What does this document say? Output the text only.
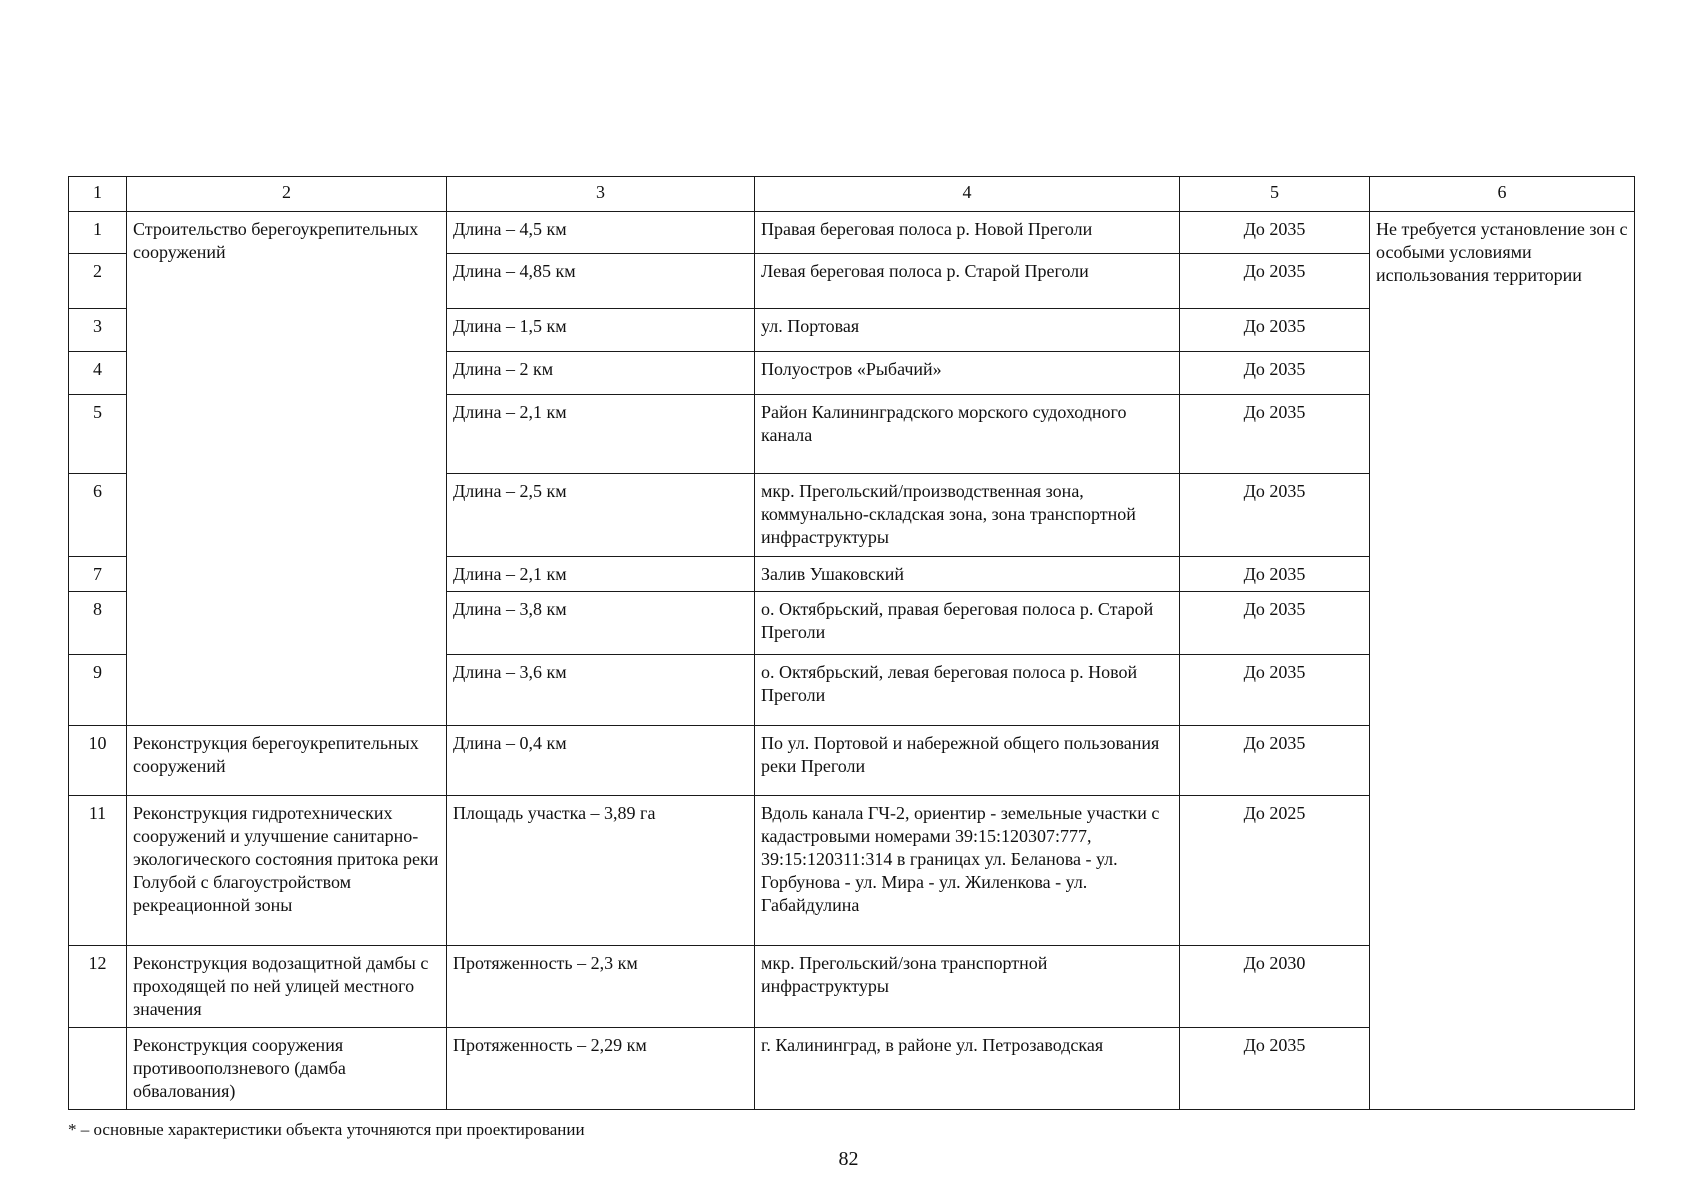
1	2	3	4	5	6
1	Строительство берегоукрепительных сооружений	Длина – 4,5 км	Правая береговая полоса р. Новой Преголи	До 2035	Не требуется установление зон с особыми условиями использования территории
2		Длина – 4,85 км	Левая береговая полоса р. Старой Преголи	До 2035	
3		Длина – 1,5 км	ул. Портовая	До 2035	
4		Длина – 2 км	Полуостров «Рыбачий»	До 2035	
5		Длина – 2,1 км	Район Калининградского морского судоходного канала	До 2035	
6		Длина – 2,5 км	мкр. Прегольский/производственная зона, коммунально-складская зона, зона транспортной инфраструктуры	До 2035	
7		Длина – 2,1 км	Залив Ушаковский	До 2035	
8		Длина – 3,8 км	о. Октябрьский, правая береговая полоса р. Старой Преголи	До 2035	
9		Длина – 3,6 км	о. Октябрьский, левая береговая полоса р. Новой Преголи	До 2035	
10	Реконструкция берегоукрепительных сооружений	Длина – 0,4 км	По ул. Портовой и набережной общего пользования реки Преголи	До 2035	
11	Реконструкция гидротехнических сооружений и улучшение санитарно-экологического состояния притока реки Голубой с благоустройством рекреационной зоны	Площадь участка – 3,89 га	Вдоль канала ГЧ-2, ориентир - земельные участки с кадастровыми номерами 39:15:120307:777, 39:15:120311:314 в границах ул. Беланова - ул. Горбунова - ул. Мира - ул. Жиленкова - ул. Габайдулина	До 2025	
12	Реконструкция водозащитной дамбы с проходящей по ней улицей местного значения	Протяженность – 2,3 км	мкр. Прегольский/зона транспортной инфраструктуры	До 2030	
	Реконструкция сооружения противооползневого (дамба обвалования)	Протяженность – 2,29 км	г. Калининград, в районе ул. Петрозаводская	До 2035	
* – основные характеристики объекта уточняются при проектировании
82
